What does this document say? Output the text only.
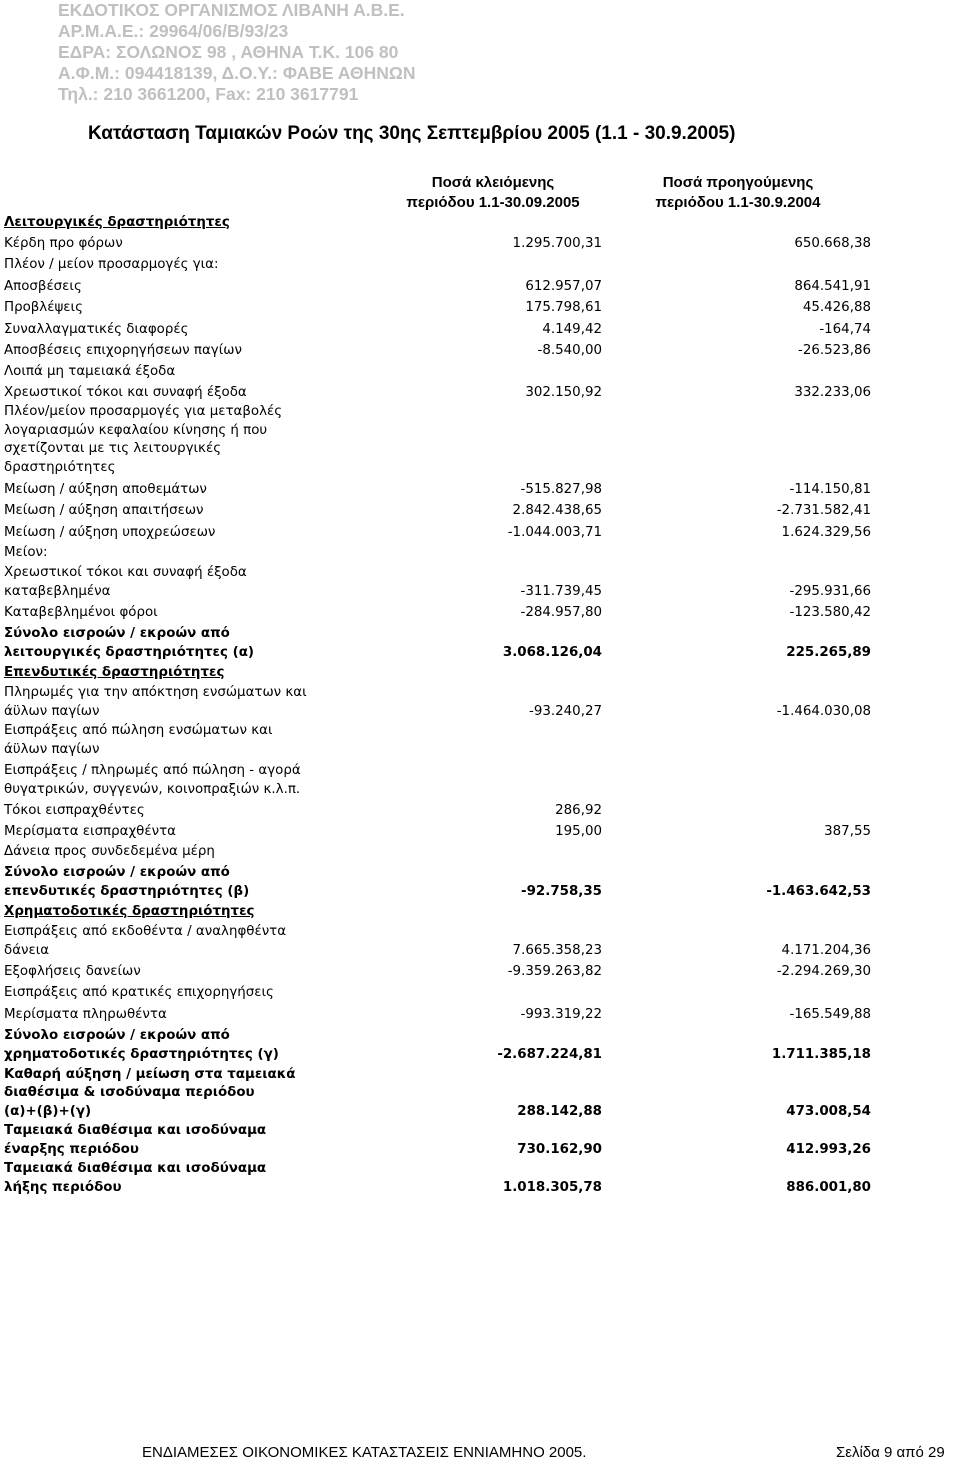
ΕΚΔΟΤΙΚΟΣ ΟΡΓΑΝΙΣΜΟΣ ΛΙΒΑΝΗ Α.Β.Ε.
ΑΡ.Μ.Α.Ε.: 29964/06/Β/93/23
ΕΔΡΑ: ΣΟΛΩΝΟΣ 98 , ΑΘΗΝΑ Τ.Κ. 106 80
Α.Φ.Μ.: 094418139, Δ.Ο.Υ.: ΦΑΒΕ ΑΘΗΝΩΝ
Τηλ.: 210 3661200, Fax: 210 3617791
Κατάσταση Ταμιακών Ροών της 30ης Σεπτεμβρίου 2005 (1.1 - 30.9.2005)
Ποσά κλειόμενης
περιόδου 1.1-30.09.2005
Ποσά προηγούμενης
περιόδου 1.1-30.9.2004
Λειτουργικές δραστηριότητες
Κέρδη προ φόρων	1.295.700,31	650.668,38
Πλέον / μείον προσαρμογές για:
Αποσβέσεις	612.957,07	864.541,91
Προβλέψεις	175.798,61	45.426,88
Συναλλαγματικές διαφορές	4.149,42	-164,74
Αποσβέσεις επιχορηγήσεων παγίων	-8.540,00	-26.523,86
Λοιπά μη ταμειακά έξοδα
Χρεωστικοί τόκοι και συναφή έξοδα	302.150,92	332.233,06
Πλέον/μείον προσαρμογές για μεταβολές
λογαριασμών κεφαλαίου κίνησης ή που
σχετίζονται με τις λειτουργικές
δραστηριότητες
Μείωση / αύξηση αποθεμάτων	-515.827,98	-114.150,81
Μείωση / αύξηση απαιτήσεων	2.842.438,65	-2.731.582,41
Μείωση / αύξηση υποχρεώσεων	-1.044.003,71	1.624.329,56
Μείον:
Χρεωστικοί τόκοι και συναφή έξοδα
καταβεβλημένα	-311.739,45	-295.931,66
Καταβεβλημένοι φόροι	-284.957,80	-123.580,42
Σύνολο εισροών / εκροών από
λειτουργικές δραστηριότητες (α)	3.068.126,04	225.265,89
Επενδυτικές δραστηριότητες
Πληρωμές για την απόκτηση ενσώματων και
άϋλων παγίων	-93.240,27	-1.464.030,08
Εισπράξεις από πώληση ενσώματων και
άϋλων παγίων
Εισπράξεις / πληρωμές από πώληση - αγορά
θυγατρικών, συγγενών, κοινοπραξιών κ.λ.π.
Τόκοι εισπραχθέντες	286,92
Μερίσματα εισπραχθέντα	195,00	387,55
Δάνεια προς συνδεδεμένα μέρη
Σύνολο εισροών / εκροών από
επενδυτικές δραστηριότητες (β)	-92.758,35	-1.463.642,53
Χρηματοδοτικές δραστηριότητες
Εισπράξεις από εκδοθέντα / αναληφθέντα
δάνεια	7.665.358,23	4.171.204,36
Εξοφλήσεις δανείων	-9.359.263,82	-2.294.269,30
Εισπράξεις από κρατικές επιχορηγήσεις
Μερίσματα πληρωθέντα	-993.319,22	-165.549,88
Σύνολο εισροών / εκροών από
χρηματοδοτικές δραστηριότητες (γ)	-2.687.224,81	1.711.385,18
Καθαρή αύξηση / μείωση στα ταμειακά
διαθέσιμα & ισοδύναμα περιόδου
(α)+(β)+(γ)	288.142,88	473.008,54
Ταμειακά διαθέσιμα και ισοδύναμα
έναρξης περιόδου	730.162,90	412.993,26
Ταμειακά διαθέσιμα και ισοδύναμα
λήξης περιόδου	1.018.305,78	886.001,80
ΕΝΔΙΑΜΕΣΕΣ ΟΙΚΟΝΟΜΙΚΕΣ ΚΑΤΑΣΤΑΣΕΙΣ ΕΝΝΙΑΜΗΝΟ 2005.	Σελίδα 9 από 29
